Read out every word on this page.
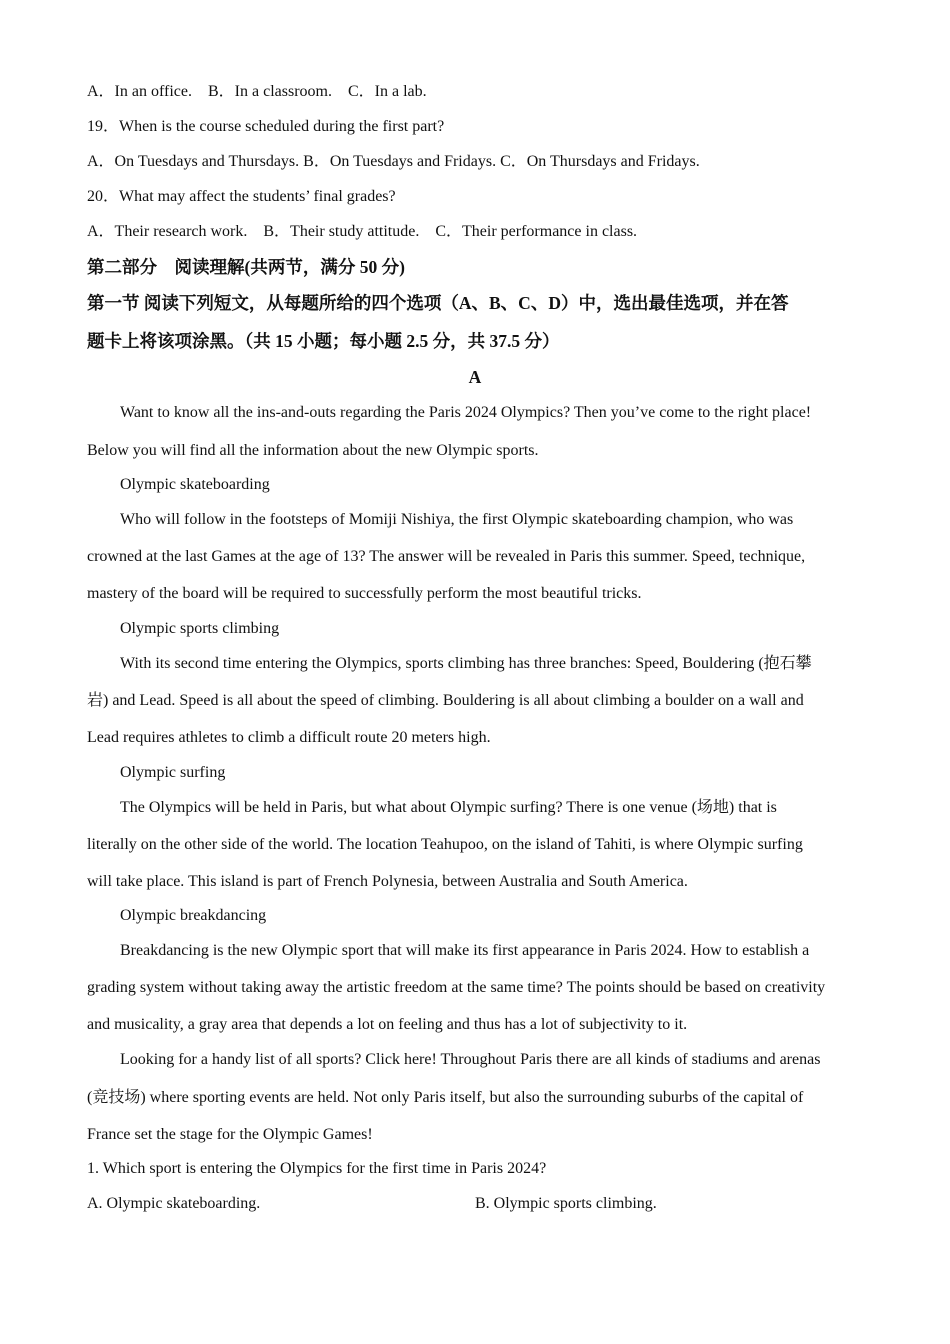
A．In an office.　B．In a classroom.　C．In a lab.
19．When is the course scheduled during the first part?
A．On Tuesdays and Thursdays. B．On Tuesdays and Fridays. C．On Thursdays and Fridays.
20．What may affect the students’ final grades?
A．Their research work.　B．Their study attitude.　C．Their performance in class.
第二部分　阅读理解(共两节，满分 50 分)
第一节 阅读下列短文，从每题所给的四个选项（A、B、C、D）中，选出最佳选项，并在答
题卡上将该项涂黑。（共 15 小题；每小题 2.5 分，共 37.5 分）
A
Want to know all the ins-and-outs regarding the Paris 2024 Olympics? Then you’ve come to the right place!
Below you will find all the information about the new Olympic sports.
Olympic skateboarding
Who will follow in the footsteps of Momiji Nishiya, the first Olympic skateboarding champion, who was
crowned at the last Games at the age of 13? The answer will be revealed in Paris this summer. Speed, technique,
mastery of the board will be required to successfully perform the most beautiful tricks.
Olympic sports climbing
With its second time entering the Olympics, sports climbing has three branches: Speed, Bouldering (抱石攀
岩) and Lead. Speed is all about the speed of climbing. Bouldering is all about climbing a boulder on a wall and
Lead requires athletes to climb a difficult route 20 meters high.
Olympic surfing
The Olympics will be held in Paris, but what about Olympic surfing? There is one venue (场地) that is
literally on the other side of the world. The location Teahupoo, on the island of Tahiti, is where Olympic surfing
will take place. This island is part of French Polynesia, between Australia and South America.
Olympic breakdancing
Breakdancing is the new Olympic sport that will make its first appearance in Paris 2024. How to establish a
grading system without taking away the artistic freedom at the same time? The points should be based on creativity
and musicality, a gray area that depends a lot on feeling and thus has a lot of subjectivity to it.
Looking for a handy list of all sports? Click here! Throughout Paris there are all kinds of stadiums and arenas
(竞技场) where sporting events are held. Not only Paris itself, but also the surrounding suburbs of the capital of
France set the stage for the Olympic Games!
1. Which sport is entering the Olympics for the first time in Paris 2024?
A. Olympic skateboarding.	B. Olympic sports climbing.
